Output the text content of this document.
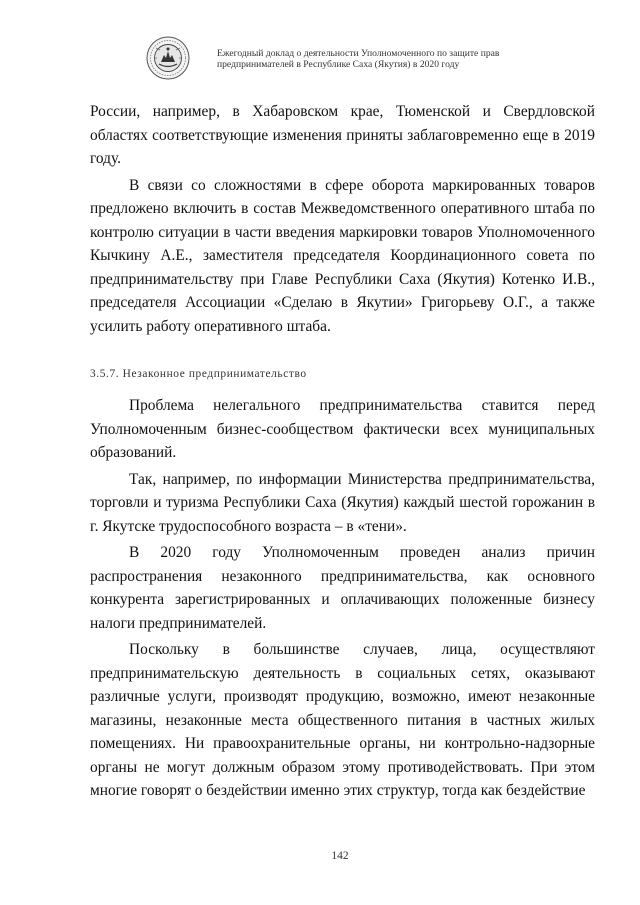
Ежегодный доклад о деятельности Уполномоченного по защите прав
предпринимателей в Республике Саха (Якутия) в 2020 году

России, например, в Хабаровском крае, Тюменской и Свердловской областях соответствующие изменения приняты заблаговременно еще в 2019 году.

В связи со сложностями в сфере оборота маркированных товаров предложено включить в состав Межведомственного оперативного штаба по контролю ситуации в части введения маркировки товаров Уполномоченного Кычкину А.Е., заместителя председателя Координационного совета по предпринимательству при Главе Республики Саха (Якутия) Котенко И.В., председателя Ассоциации «Сделаю в Якутии» Григорьеву О.Г., а также усилить работу оперативного штаба.

3.5.7. Незаконное предпринимательство

Проблема нелегального предпринимательства ставится перед Уполномоченным бизнес-сообществом фактически всех муниципальных образований.

Так, например, по информации Министерства предпринимательства, торговли и туризма Республики Саха (Якутия) каждый шестой горожанин в г. Якутске трудоспособного возраста – в «тени».

В 2020 году Уполномоченным проведен анализ причин распространения незаконного предпринимательства, как основного конкурента зарегистрированных и оплачивающих положенные бизнесу налоги предпринимателей.

Поскольку в большинстве случаев, лица, осуществляют предпринимательскую деятельность в социальных сетях, оказывают различные услуги, производят продукцию, возможно, имеют незаконные магазины, незаконные места общественного питания в частных жилых помещениях. Ни правоохранительные органы, ни контрольно-надзорные органы не могут должным образом этому противодействовать. При этом многие говорят о бездействии именно этих структур, тогда как бездействие

142
